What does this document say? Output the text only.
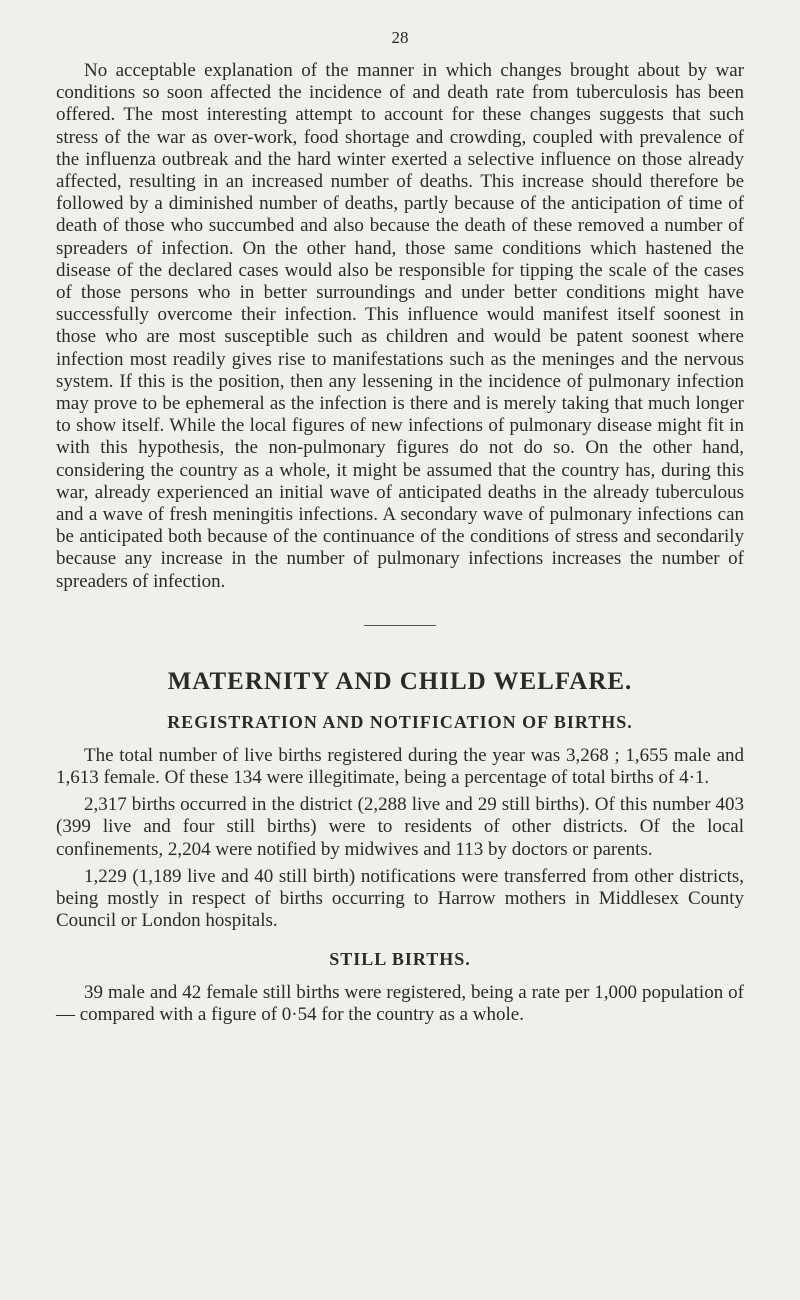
28

No acceptable explanation of the manner in which changes brought about by war conditions so soon affected the incidence of and death rate from tuberculosis has been offered. The most interesting attempt to account for these changes suggests that such stress of the war as over-work, food shortage and crowding, coupled with prevalence of the influenza outbreak and the hard winter exerted a selective influence on those already affected, resulting in an increased number of deaths. This increase should therefore be followed by a diminished number of deaths, partly because of the anticipation of time of death of those who succumbed and also because the death of these removed a number of spreaders of infection. On the other hand, those same conditions which hastened the disease of the declared cases would also be responsible for tipping the scale of the cases of those persons who in better surroundings and under better conditions might have successfully overcome their infection. This influence would manifest itself soonest in those who are most susceptible such as children and would be patent soonest where infection most readily gives rise to manifestations such as the meninges and the nervous system. If this is the position, then any lessening in the incidence of pulmonary infection may prove to be ephemeral as the infection is there and is merely taking that much longer to show itself. While the local figures of new infections of pulmonary disease might fit in with this hypothesis, the non-pulmonary figures do not do so. On the other hand, considering the country as a whole, it might be assumed that the country has, during this war, already experienced an initial wave of anticipated deaths in the already tuberculous and a wave of fresh meningitis infections. A secondary wave of pulmonary infections can be anticipated both because of the continuance of the conditions of stress and secondarily because any increase in the number of pulmonary infections increases the number of spreaders of infection.

MATERNITY AND CHILD WELFARE.
REGISTRATION AND NOTIFICATION OF BIRTHS.

The total number of live births registered during the year was 3,268 ; 1,655 male and 1,613 female. Of these 134 were illegitimate, being a percentage of total births of 4·1.

2,317 births occurred in the district (2,288 live and 29 still births). Of this number 403 (399 live and four still births) were to residents of other districts. Of the local confinements, 2,204 were notified by midwives and 113 by doctors or parents.

1,229 (1,189 live and 40 still birth) notifications were transferred from other districts, being mostly in respect of births occurring to Harrow mothers in Middlesex County Council or London hospitals.

STILL BIRTHS.

39 male and 42 female still births were registered, being a rate per 1,000 population of — compared with a figure of 0·54 for the country as a whole.
